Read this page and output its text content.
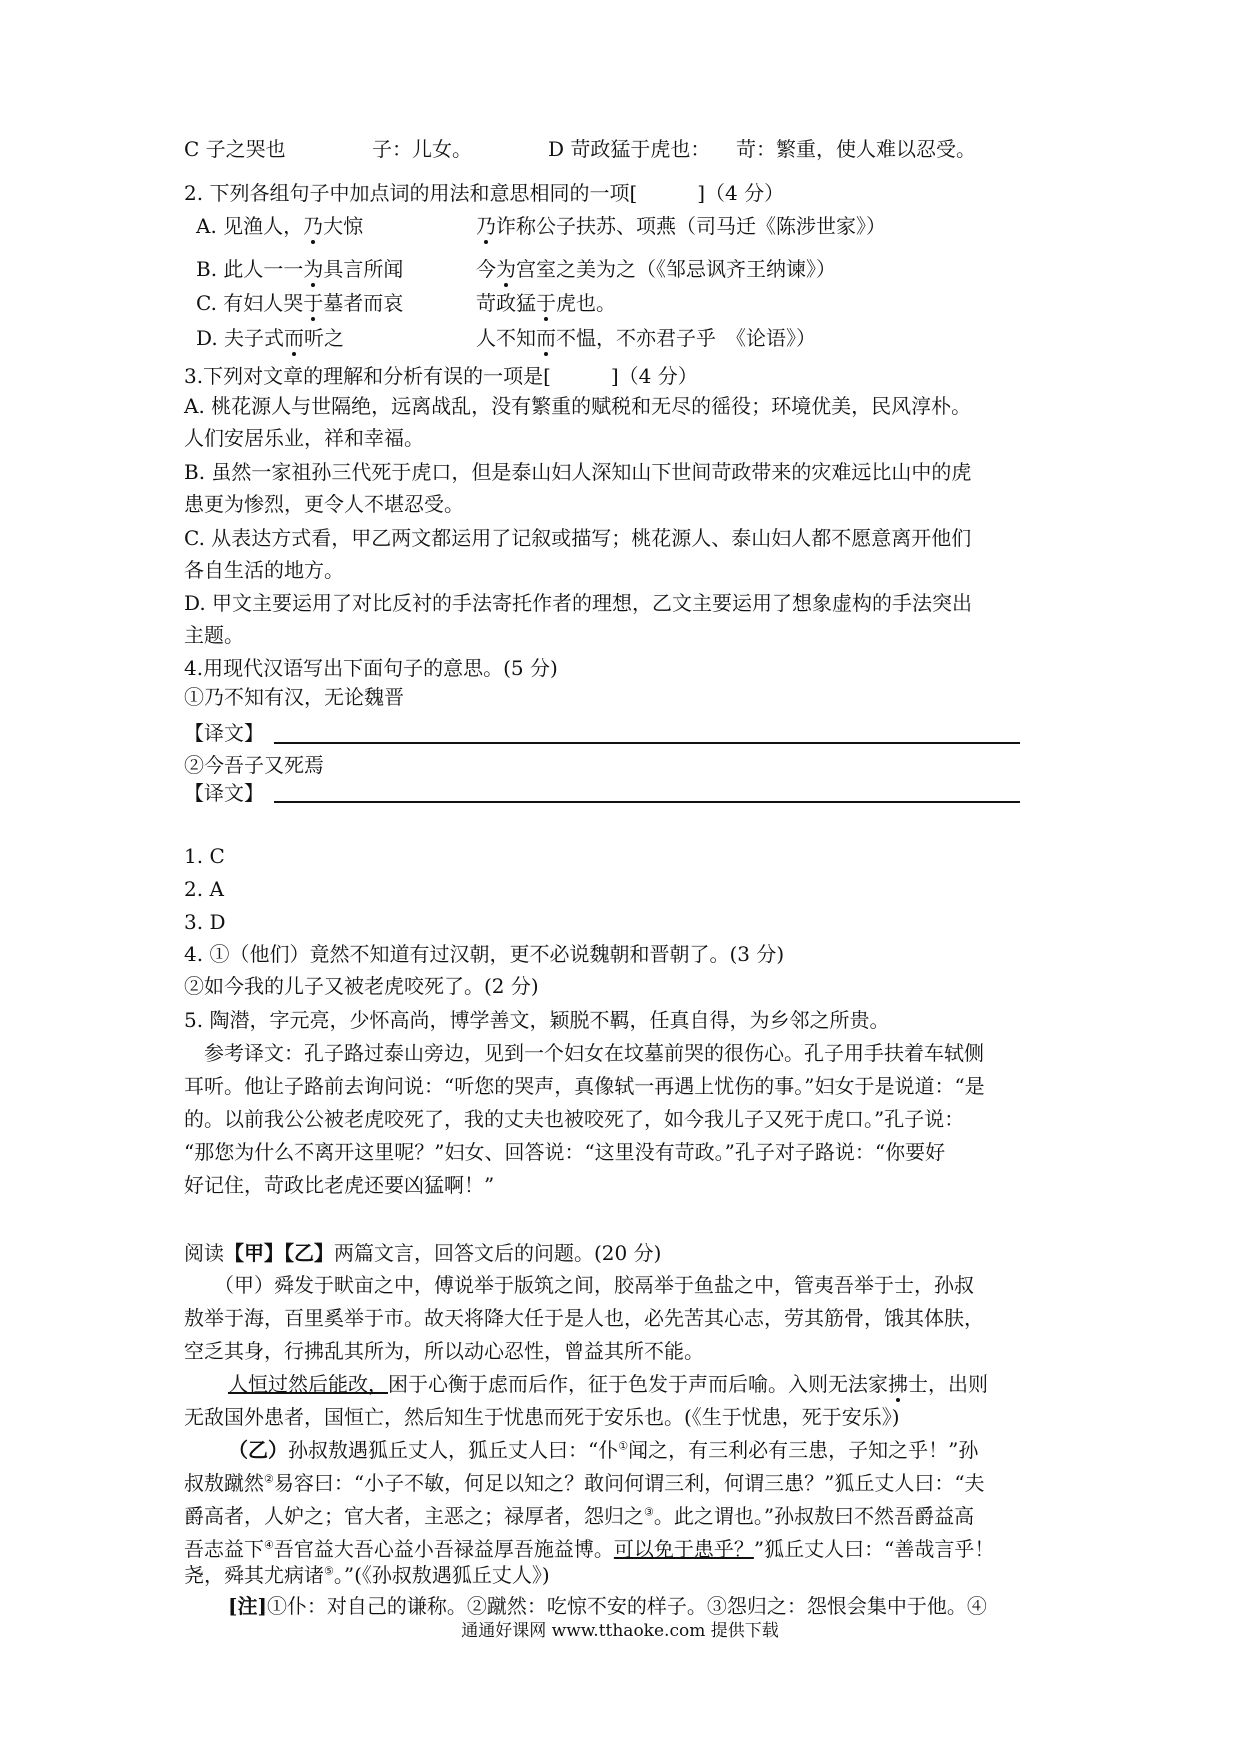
C 子之哭也	子：儿女。	D 苛政猛于虎也： 苛：繁重，使人难以忍受。
2. 下列各组句子中加点词的用法和意思相同的一项[　　　]（4 分）
A. 见渔人，乃大惊	乃诈称公子扶苏、项燕（司马迁《陈涉世家》）
B. 此人一一为具言所闻	今为宫室之美为之（《邹忌讽齐王纳谏》）
C. 有妇人哭于墓者而哀	苛政猛于虎也。
D. 夫子式而听之	人不知而不愠，不亦君子乎　《论语》）
3.下列对文章的理解和分析有误的一项是[　　　]（4 分）
A. 桃花源人与世隔绝，远离战乱，没有繁重的赋税和无尽的徭役；环境优美，民风淳朴。
人们安居乐业，祥和幸福。
B. 虽然一家祖孙三代死于虎口，但是泰山妇人深知山下世间苛政带来的灾难远比山中的虎
患更为惨烈，更令人不堪忍受。
C. 从表达方式看，甲乙两文都运用了记叙或描写；桃花源人、泰山妇人都不愿意离开他们
各自生活的地方。
D. 甲文主要运用了对比反衬的手法寄托作者的理想，乙文主要运用了想象虚构的手法突出
主题。
4.用现代汉语写出下面句子的意思。(5 分)
①乃不知有汉，无论魏晋
【译文】
②今吾子又死焉
【译文】
1. C
2. A
3. D
4. ①（他们）竟然不知道有过汉朝，更不必说魏朝和晋朝了。(3 分)
②如今我的儿子又被老虎咬死了。(2 分)
5. 陶潜，字元亮，少怀高尚，博学善文，颖脱不羁，任真自得，为乡邻之所贵。
　参考译文：孔子路过泰山旁边，见到一个妇女在坟墓前哭的很伤心。孔子用手扶着车轼侧
耳听。他让子路前去询问说：“听您的哭声，真像轼一再遇上忧伤的事。”妇女于是说道：“是
的。以前我公公被老虎咬死了，我的丈夫也被咬死了，如今我儿子又死于虎口。”孔子说：
“那您为什么不离开这里呢？”妇女、回答说：“这里没有苛政。”孔子对子路说：“你要好
好记住，苛政比老虎还要凶猛啊！”
阅读【甲】【乙】两篇文言，回答文后的问题。(20 分)
　　（甲）舜发于畎亩之中，傅说举于版筑之间，胶鬲举于鱼盐之中，管夷吾举于士，孙叔
敖举于海，百里奚举于市。故天将降大任于是人也，必先苦其心志，劳其筋骨，饿其体肤，
空乏其身，行拂乱其所为，所以动心忍性，曾益其所不能。
人恒过然后能改，困于心衡于虑而后作，征于色发于声而后喻。入则无法家拂士，出则
无敌国外患者，国恒亡，然后知生于忧患而死于安乐也。(《生于忧患，死于安乐》)
（乙）孙叔敖遇狐丘丈人，狐丘丈人曰：“仆①闻之，有三利必有三患，子知之乎！”孙
叔敖蹴然②易容曰：“小子不敏，何足以知之？敢问何谓三利，何谓三患？”狐丘丈人曰：“夫
爵高者，人妒之；官大者，主恶之；禄厚者，怨归之③。此之谓也。”孙叔敖曰不然吾爵益高
吾志益下④吾官益大吾心益小吾禄益厚吾施益博。可以免于患乎？”狐丘丈人曰：“善哉言乎！
尧，舜其尤病诸⑤。”(《孙叔敖遇狐丘丈人》)
[注]①仆：对自己的谦称。②蹴然：吃惊不安的样子。③怨归之：怨恨会集中于他。④
通通好课网 www.tthaoke.com 提供下载
